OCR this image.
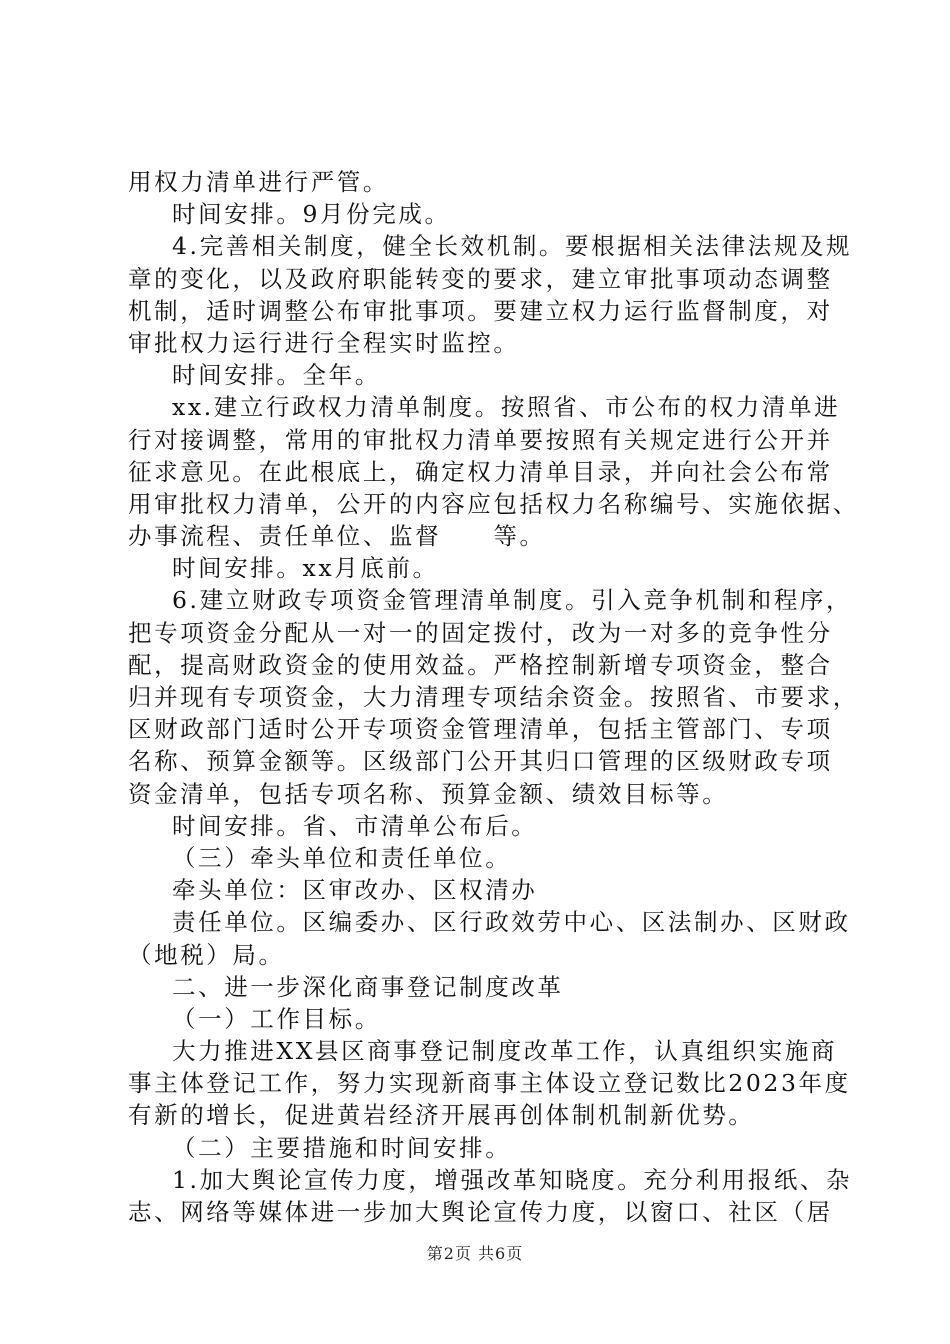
用权力清单进行严管。
时间安排。9月份完成。
4.完善相关制度，健全长效机制。要根据相关法律法规及规
章的变化，以及政府职能转变的要求，建立审批事项动态调整
机制，适时调整公布审批事项。要建立权力运行监督制度，对
审批权力运行进行全程实时监控。
时间安排。全年。
xx.建立行政权力清单制度。按照省、市公布的权力清单进
行对接调整，常用的审批权力清单要按照有关规定进行公开并
征求意见。在此根底上，确定权力清单目录，并向社会公布常
用审批权力清单，公开的内容应包括权力名称编号、实施依据、
办事流程、责任单位、监督　　等。
时间安排。xx月底前。
6.建立财政专项资金管理清单制度。引入竞争机制和程序，
把专项资金分配从一对一的固定拨付，改为一对多的竞争性分
配，提高财政资金的使用效益。严格控制新增专项资金，整合
归并现有专项资金，大力清理专项结余资金。按照省、市要求，
区财政部门适时公开专项资金管理清单，包括主管部门、专项
名称、预算金额等。区级部门公开其归口管理的区级财政专项
资金清单，包括专项名称、预算金额、绩效目标等。
时间安排。省、市清单公布后。
（三）牵头单位和责任单位。
牵头单位：区审改办、区权清办
责任单位。区编委办、区行政效劳中心、区法制办、区财政
（地税）局。
二、进一步深化商事登记制度改革
（一）工作目标。
大力推进XX县区商事登记制度改革工作，认真组织实施商
事主体登记工作，努力实现新商事主体设立登记数比2023年度
有新的增长，促进黄岩经济开展再创体制机制新优势。
（二）主要措施和时间安排。
1.加大舆论宣传力度，增强改革知晓度。充分利用报纸、杂
志、网络等媒体进一步加大舆论宣传力度，以窗口、社区（居
第2页 共6页
